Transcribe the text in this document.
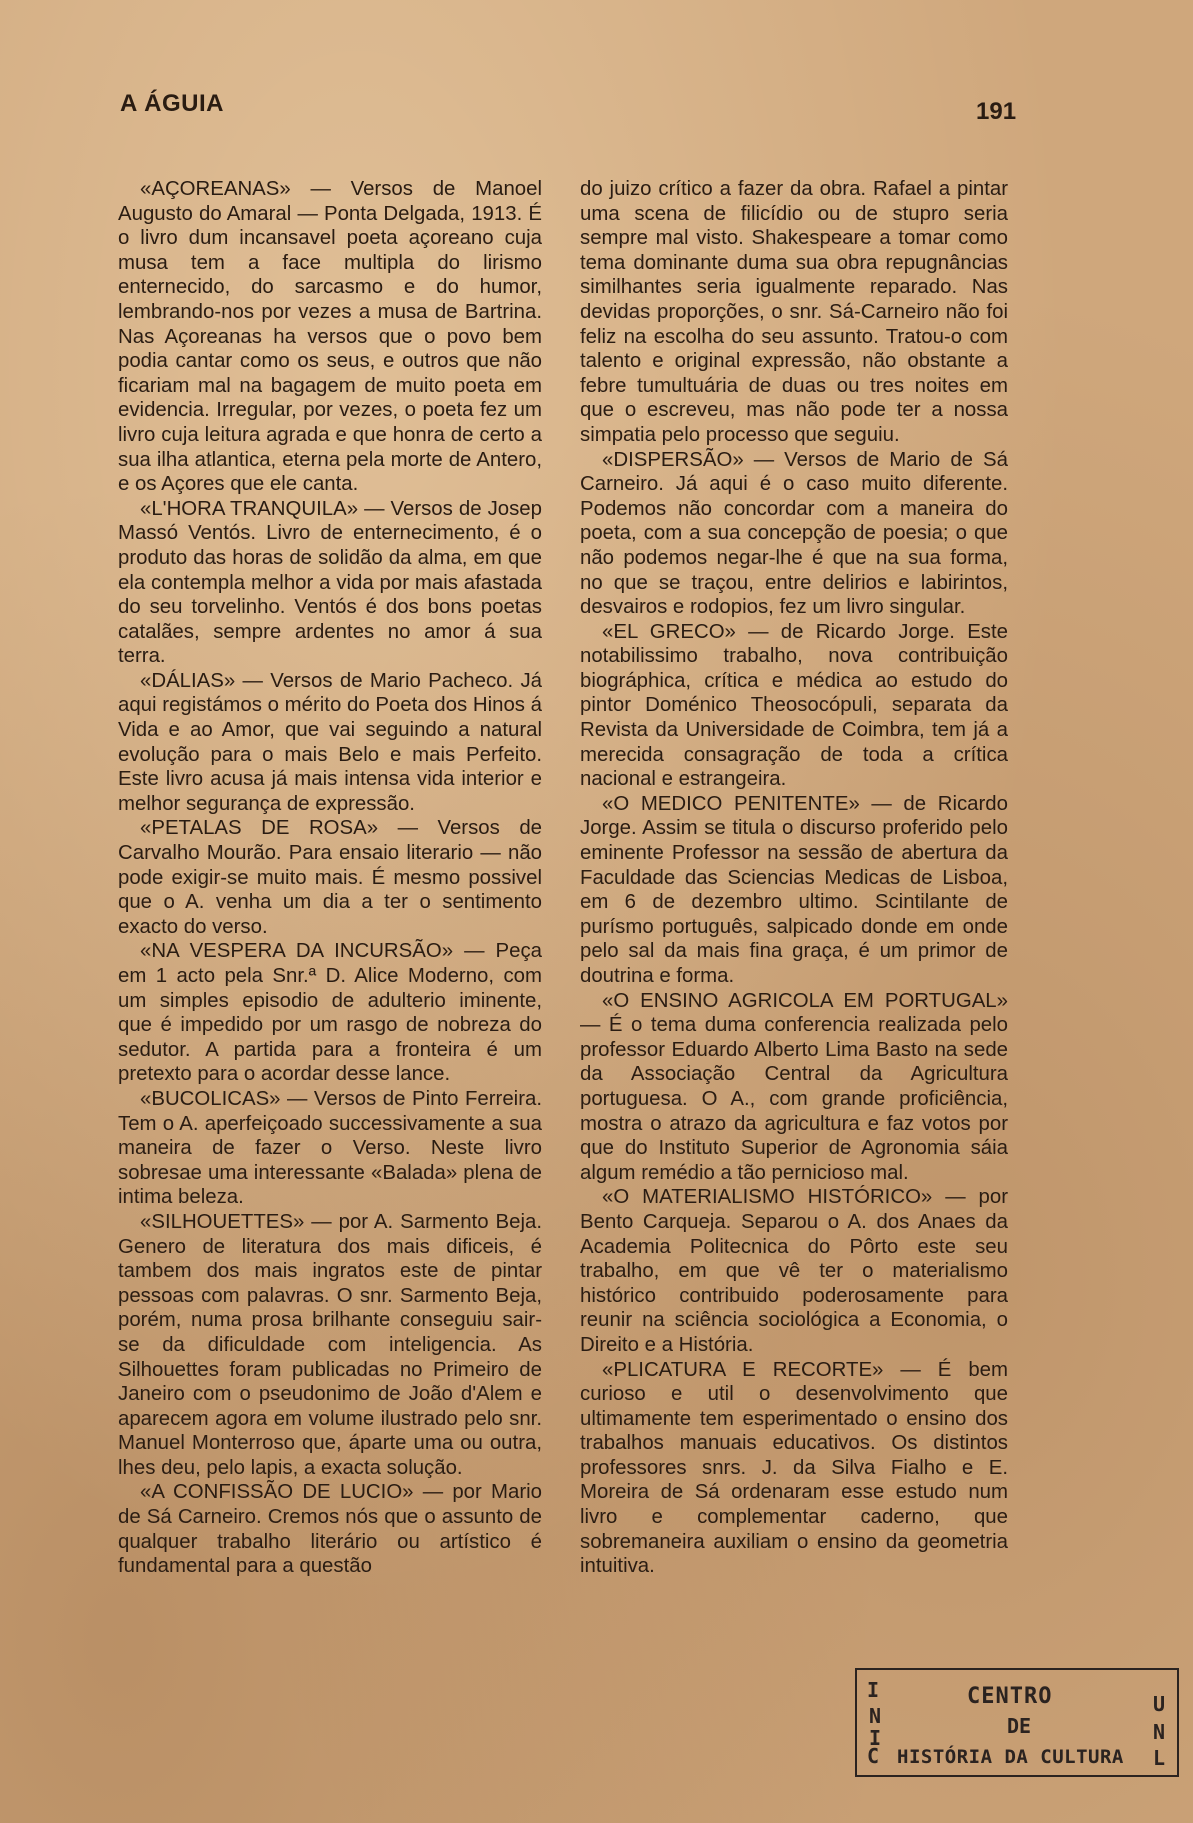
A ÁGUIA	191

«AÇOREANAS» — Versos de Manoel Augusto do Amaral — Ponta Delgada, 1913. É o livro dum incansavel poeta açoreano cuja musa tem a face multipla do lirismo enternecido, do sarcasmo e do humor, lembrando-nos por vezes a musa de Bartrina. Nas Açoreanas ha versos que o povo bem podia cantar como os seus, e outros que não ficariam mal na bagagem de muito poeta em evidencia. Irregular, por vezes, o poeta fez um livro cuja leitura agrada e que honra de certo a sua ilha atlantica, eterna pela morte de Antero, e os Açores que ele canta.

«L'HORA TRANQUILA» — Versos de Josep Massó Ventós. Livro de enternecimento, é o produto das horas de solidão da alma, em que ela contempla melhor a vida por mais afastada do seu torvelinho. Ventós é dos bons poetas catalães, sempre ardentes no amor á sua terra.

«DÁLIAS» — Versos de Mario Pacheco. Já aqui registámos o mérito do Poeta dos Hinos á Vida e ao Amor, que vai seguindo a natural evolução para o mais Belo e mais Perfeito. Este livro acusa já mais intensa vida interior e melhor segurança de expressão.

«PETALAS DE ROSA» — Versos de Carvalho Mourão. Para ensaio literario — não pode exigir-se muito mais. É mesmo possivel que o A. venha um dia a ter o sentimento exacto do verso.

«NA VESPERA DA INCURSÃO» — Peça em 1 acto pela Snr.ª D. Alice Moderno, com um simples episodio de adulterio iminente, que é impedido por um rasgo de nobreza do sedutor. A partida para a fronteira é um pretexto para o acordar desse lance.

«BUCOLICAS» — Versos de Pinto Ferreira. Tem o A. aperfeiçoado successivamente a sua maneira de fazer o Verso. Neste livro sobresae uma interessante «Balada» plena de intima beleza.

«SILHOUETTES» — por A. Sarmento Beja. Genero de literatura dos mais dificeis, é tambem dos mais ingratos este de pintar pessoas com palavras. O snr. Sarmento Beja, porém, numa prosa brilhante conseguiu sair-se da dificuldade com inteligencia. As Silhouettes foram publicadas no Primeiro de Janeiro com o pseudonimo de João d'Alem e aparecem agora em volume ilustrado pelo snr. Manuel Monterroso que, áparte uma ou outra, lhes deu, pelo lapis, a exacta solução.

«A CONFISSÃO DE LUCIO» — por Mario de Sá Carneiro. Cremos nós que o assunto de qualquer trabalho literário ou artístico é fundamental para a questão

do juizo crítico a fazer da obra. Rafael a pintar uma scena de filicídio ou de stupro seria sempre mal visto. Shakespeare a tomar como tema dominante duma sua obra repugnâncias similhantes seria igualmente reparado. Nas devidas proporções, o snr. Sá-Carneiro não foi feliz na escolha do seu assunto. Tratou-o com talento e original expressão, não obstante a febre tumultuária de duas ou tres noites em que o escreveu, mas não pode ter a nossa simpatia pelo processo que seguiu.

«DISPERSÃO» — Versos de Mario de Sá Carneiro. Já aqui é o caso muito diferente. Podemos não concordar com a maneira do poeta, com a sua concepção de poesia; o que não podemos negar-lhe é que na sua forma, no que se traçou, entre delirios e labirintos, desvairos e rodopios, fez um livro singular.

«EL GRECO» — de Ricardo Jorge. Este notabilissimo trabalho, nova contribuição biográphica, crítica e médica ao estudo do pintor Doménico Theosocópuli, separata da Revista da Universidade de Coimbra, tem já a merecida consagração de toda a crítica nacional e estrangeira.

«O MEDICO PENITENTE» — de Ricardo Jorge. Assim se titula o discurso proferido pelo eminente Professor na sessão de abertura da Faculdade das Sciencias Medicas de Lisboa, em 6 de dezembro ultimo. Scintilante de purísmo português, salpicado donde em onde pelo sal da mais fina graça, é um primor de doutrina e forma.

«O ENSINO AGRICOLA EM PORTUGAL» — É o tema duma conferencia realizada pelo professor Eduardo Alberto Lima Basto na sede da Associação Central da Agricultura portuguesa. O A., com grande proficiência, mostra o atrazo da agricultura e faz votos por que do Instituto Superior de Agronomia sáia algum remédio a tão pernicioso mal.

«O MATERIALISMO HISTÓRICO» — por Bento Carqueja. Separou o A. dos Anaes da Academia Politecnica do Pôrto este seu trabalho, em que vê ter o materialismo histórico contribuido poderosamente para reunir na sciência sociológica a Economia, o Direito e a História.

«PLICATURA E RECORTE» — É bem curioso e util o desenvolvimento que ultimamente tem esperimentado o ensino dos trabalhos manuais educativos. Os distintos professores snrs. J. da Silva Fialho e E. Moreira de Sá ordenaram esse estudo num livro e complementar caderno, que sobremaneira auxiliam o ensino da geometria intuitiva.

I
N
I
C
U
N
L
CENTRO
DE
HISTÓRIA DA CULTURA
